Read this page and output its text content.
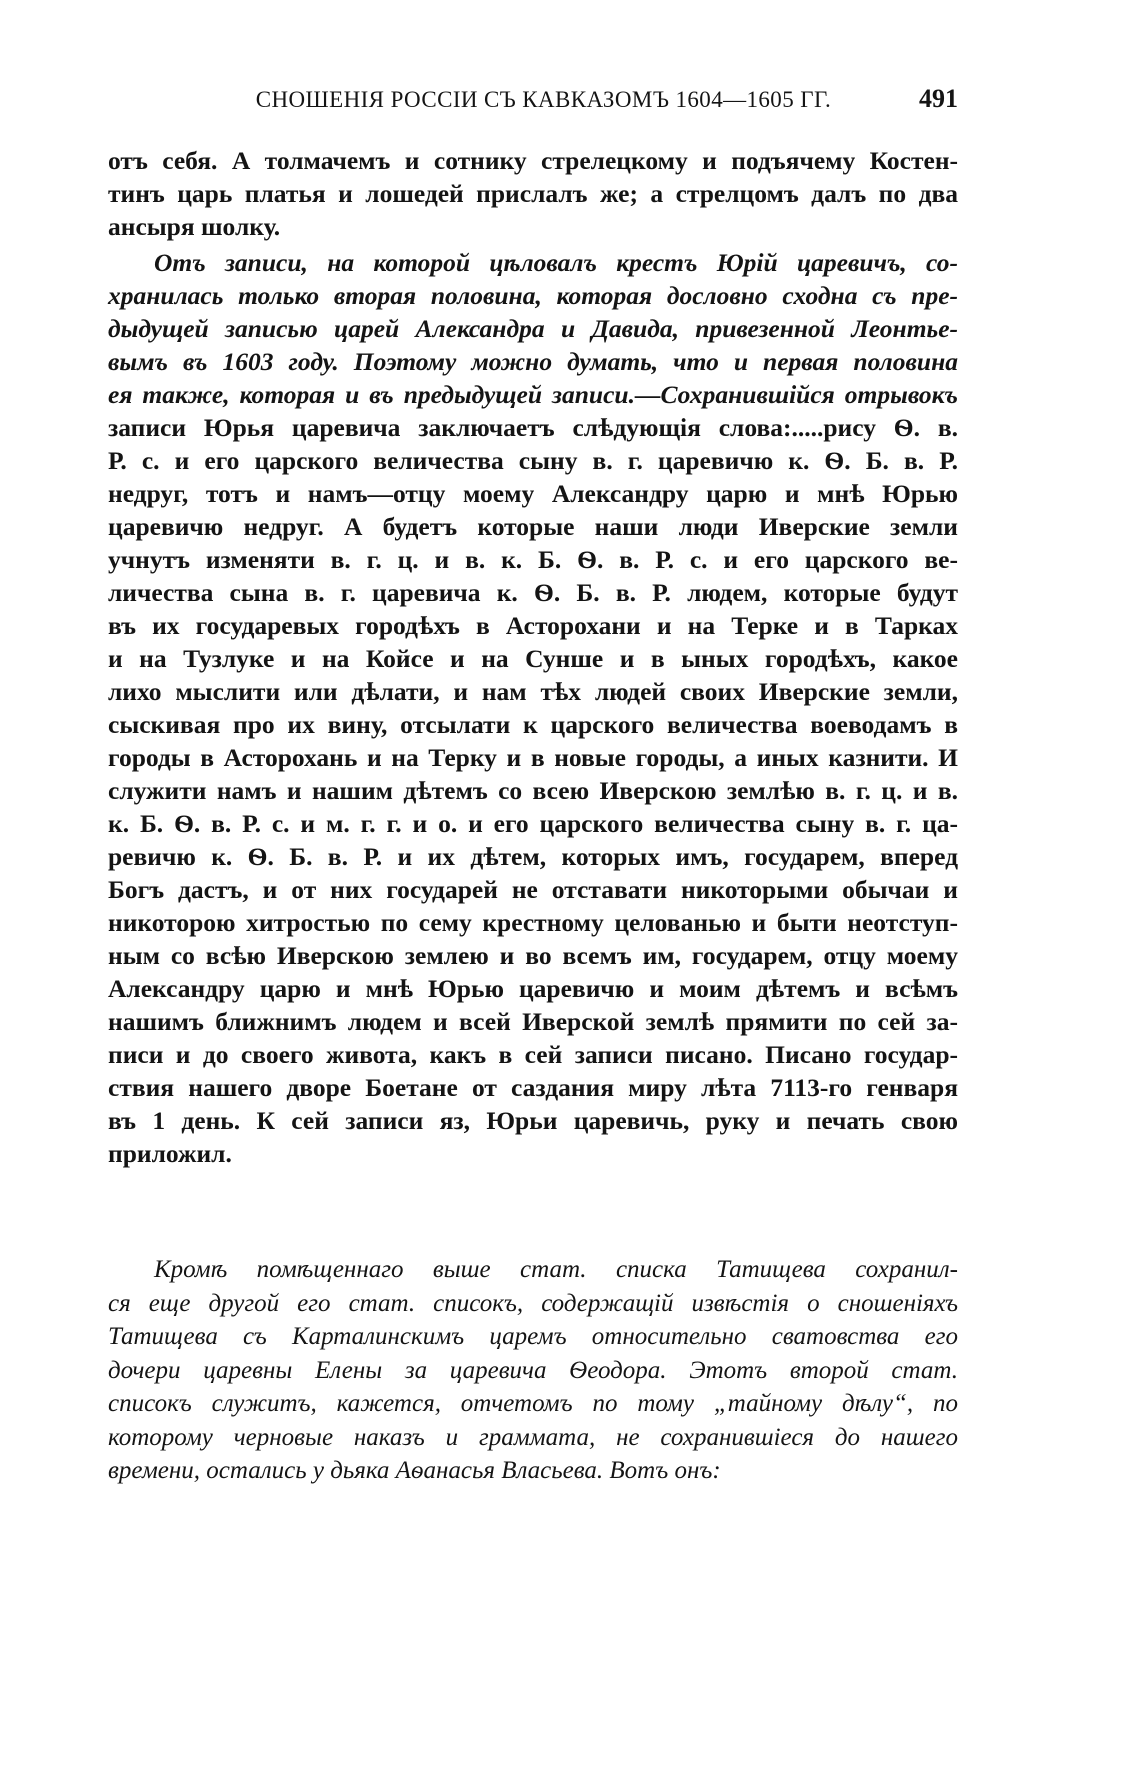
СНОШЕНІЯ РОССІИ СЪ КАВКАЗОМЪ 1604—1605 ГГ.	491
отъ себя. А толмачемъ и сотнику стрелецкому и подъячему Костен-
тинъ царь платья и лошедей прислалъ же; а стрелцомъ далъ по два
ансыря шолку.
Отъ записи, на которой цѣловалъ крестъ Юрій царевичъ, со-
хранилась только вторая половина, которая дословно сходна съ пре-
дыдущей записью царей Александра и Давида, привезенной Леонтье-
вымъ въ 1603 году. Поэтому можно думать, что и первая половина
ея также, которая и въ предыдущей записи.—Сохранившійся отрывокъ
записи Юрья царевича заключаетъ слѣдующія слова:.....рису Ѳ. в.
Р. с. и его царского величества сыну в. г. царевичю к. Ѳ. Б. в. Р.
недруг, тотъ и намъ—отцу моему Александру царю и мнѣ Юрью
царевичю недруг. А будетъ которые наши люди Иверские земли
учнутъ изменяти в. г. ц. и в. к. Б. Ѳ. в. Р. с. и его царского ве-
личества сына в. г. царевича к. Ѳ. Б. в. Р. людем, которые будут
въ их государевых городѣхъ в Асторохани и на Терке и в Тарках
и на Тузлуке и на Койсе и на Сунше и в ыных городѣхъ, какое
лихо мыслити или дѣлати, и нам тѣх людей своих Иверские земли,
сыскивая про их вину, отсылати к царского величества воеводамъ в
городы в Асторохань и на Терку и в новые городы, а иных казнити. И
служити намъ и нашим дѣтемъ со всею Иверскою землѣю в. г. ц. и в.
к. Б. Ѳ. в. Р. с. и м. г. г. и о. и его царского величества сыну в. г. ца-
ревичю к. Ѳ. Б. в. Р. и их дѣтем, которых имъ, государем, вперед
Богъ дастъ, и от них государей не отставати никоторыми обычаи и
никоторою хитростью по сему крестному целованью и быти неотступ-
ным со всѣю Иверскою землею и во всемъ им, государем, отцу моему
Александру царю и мнѣ Юрью царевичю и моим дѣтемъ и всѣмъ
нашимъ ближнимъ людем и всей Иверской землѣ прямити по сей за-
писи и до своего живота, какъ в сей записи писано. Писано государ-
ствия нашего дворе Боетане от саздания миру лѣта 7113-го генваря
въ 1 день. К сей записи яз, Юрьи царевичь, руку и печать свою
приложил.
Кромѣ помѣщеннаго выше стат. списка Татищева сохранил-
ся еще другой его стат. списокъ, содержащій извѣстія о сношеніяхъ
Татищева съ Карталинскимъ царемъ относительно сватовства его
дочери царевны Елены за царевича Ѳеодора. Этотъ второй стат.
списокъ служитъ, кажется, отчетомъ по тому „тайному дѣлу“, по
которому черновые наказъ и граммата, не сохранившіеся до нашего
времени, остались у дьяка Аѳанасья Власьева. Вотъ онъ:
